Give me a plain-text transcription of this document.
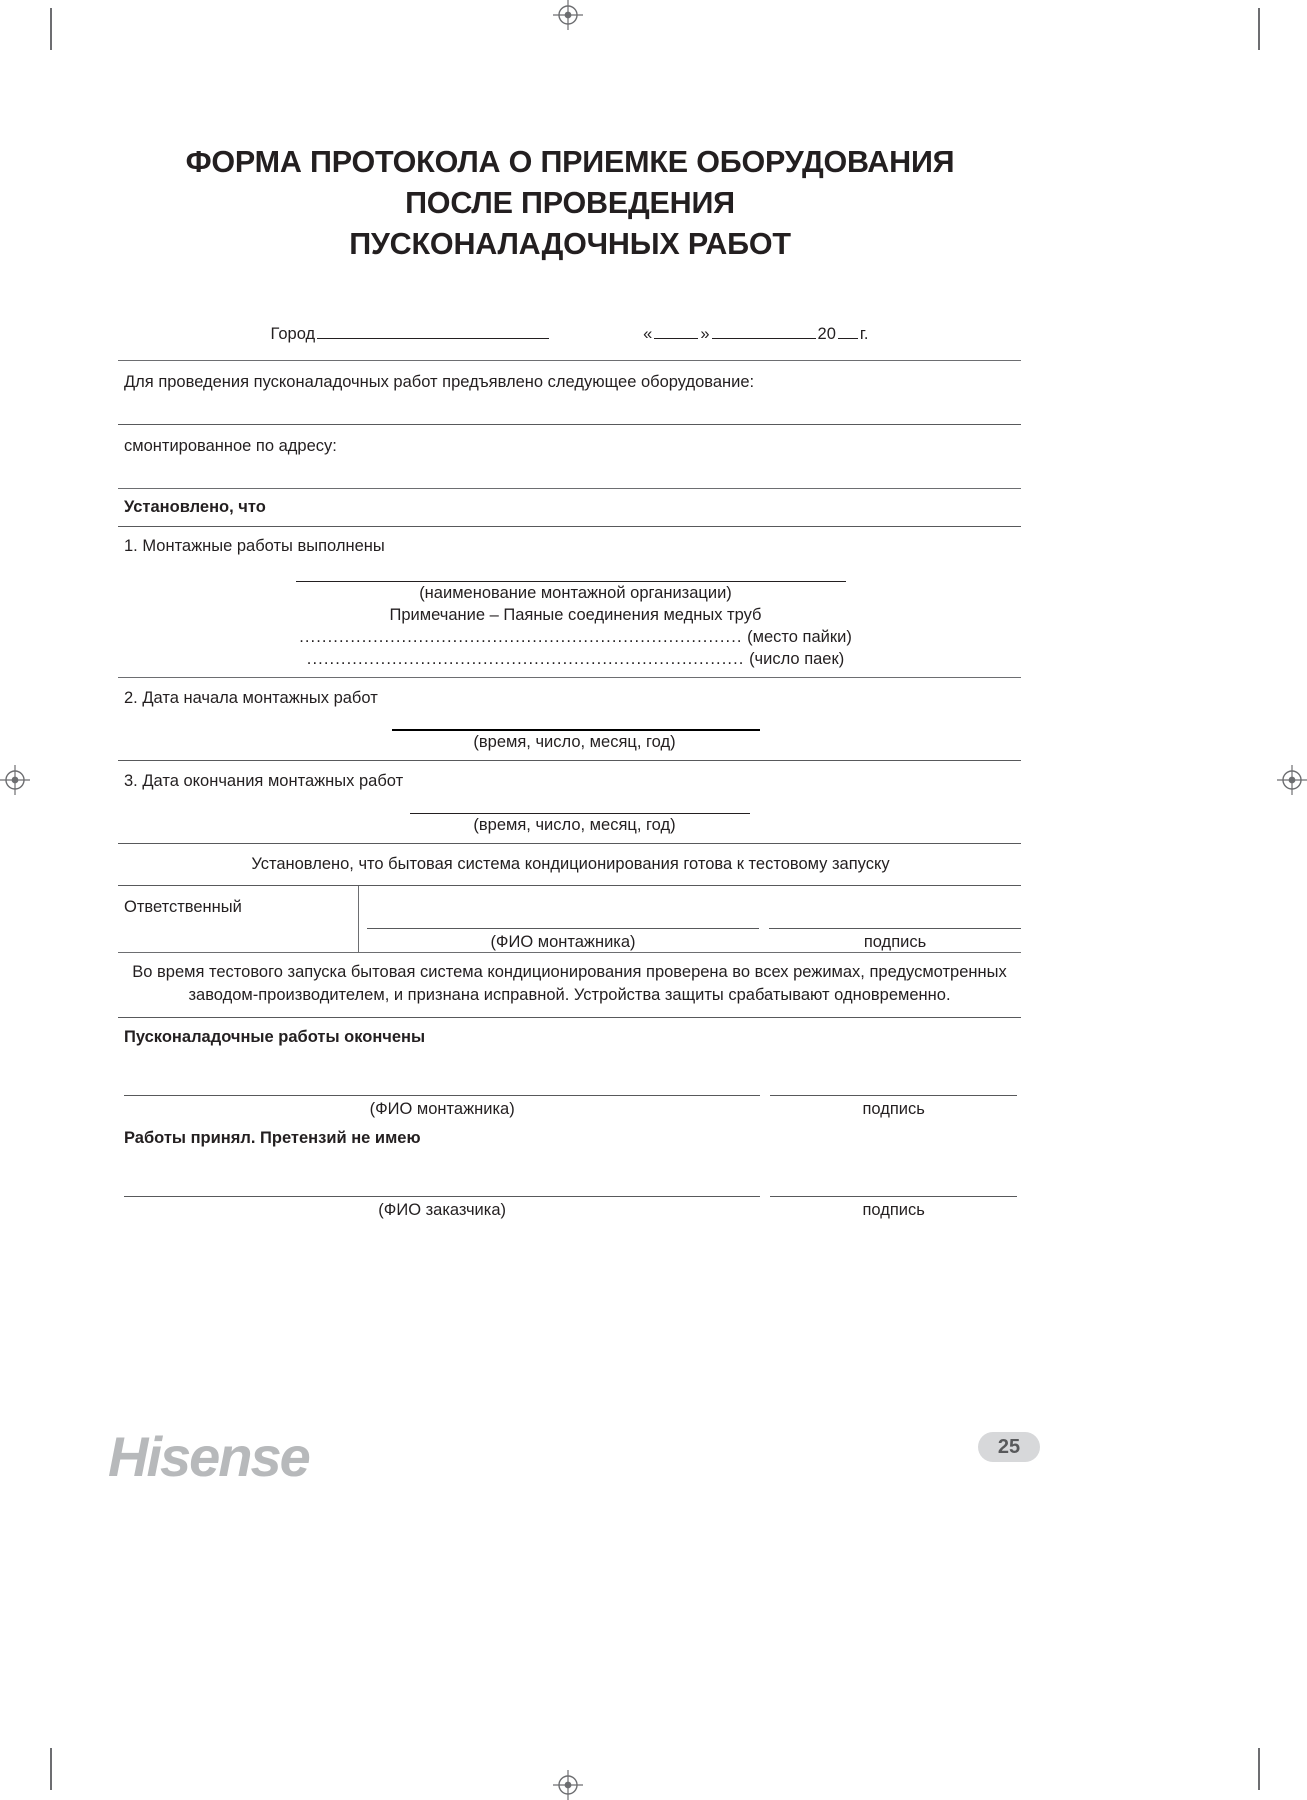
ФОРМА ПРОТОКОЛА О ПРИЕМКЕ ОБОРУДОВАНИЯ
ПОСЛЕ ПРОВЕДЕНИЯ
ПУСКОНАЛАДОЧНЫХ РАБОТ
Город	«	»	20 г.
Для проведения пусконаладочных работ предъявлено следующее оборудование:
смонтированное по адресу:
Установлено, что
1. Монтажные работы выполнены
(наименование монтажной организации)
Примечание – Паяные соединения медных труб
.............................................................................. (место пайки)
............................................................................. (число паек)
2. Дата начала монтажных работ
(время, число, месяц, год)
3. Дата окончания монтажных работ
(время, число, месяц, год)
Установлено, что бытовая система кондиционирования готова к тестовому запуску
Ответственный
(ФИО монтажника)	подпись
Во время тестового запуска бытовая система кондиционирования проверена во всех режимах, предусмотренных заводом-производителем, и признана исправной. Устройства защиты срабатывают одновременно.
Пусконаладочные работы окончены
(ФИО монтажника)	подпись
Работы принял. Претензий не имею
(ФИО заказчика)	подпись
Hisense	25
